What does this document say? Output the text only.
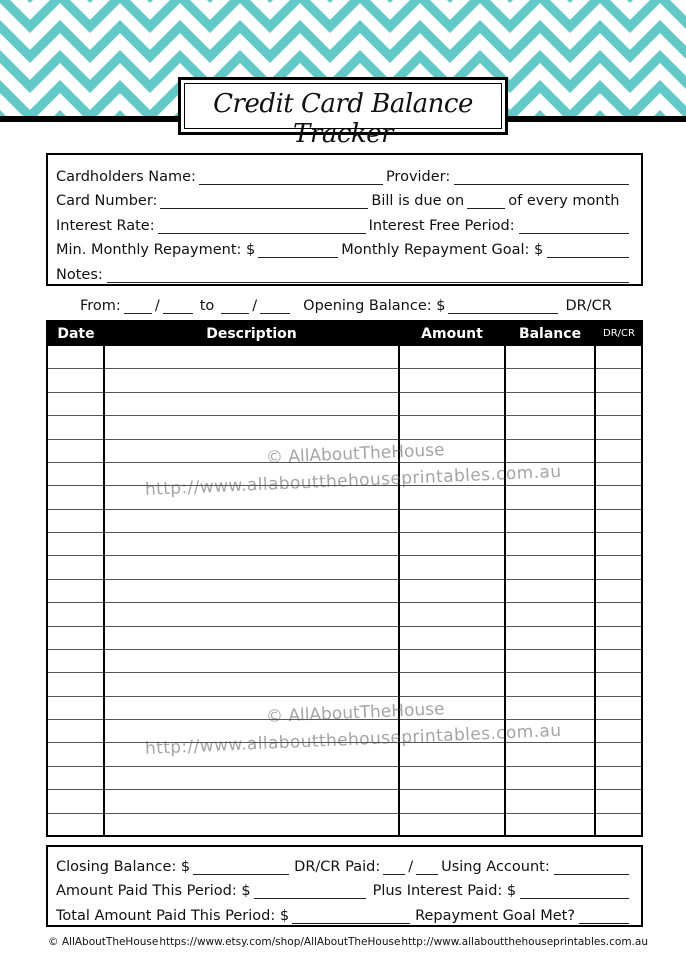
Credit Card Balance Tracker
Cardholders Name:	Provider:
Card Number:	Bill is due on	of every month
Interest Rate:	Interest Free Period:
Min. Monthly Repayment: $	Monthly Repayment Goal: $
Notes:
From: /	to	/	Opening Balance: $	DR/CR
Date	Description	Amount	Balance	DR/CR
© AllAboutTheHouse
http://www.allaboutthehouseprintables.com.au
© AllAboutTheHouse
http://www.allaboutthehouseprintables.com.au
Closing Balance: $	DR/CR Paid: / Using Account:
Amount Paid This Period: $	Plus Interest Paid: $
Total Amount Paid This Period: $	Repayment Goal Met?
© AllAboutTheHouse https://www.etsy.com/shop/AllAboutTheHouse http://www.allaboutthehouseprintables.com.au
